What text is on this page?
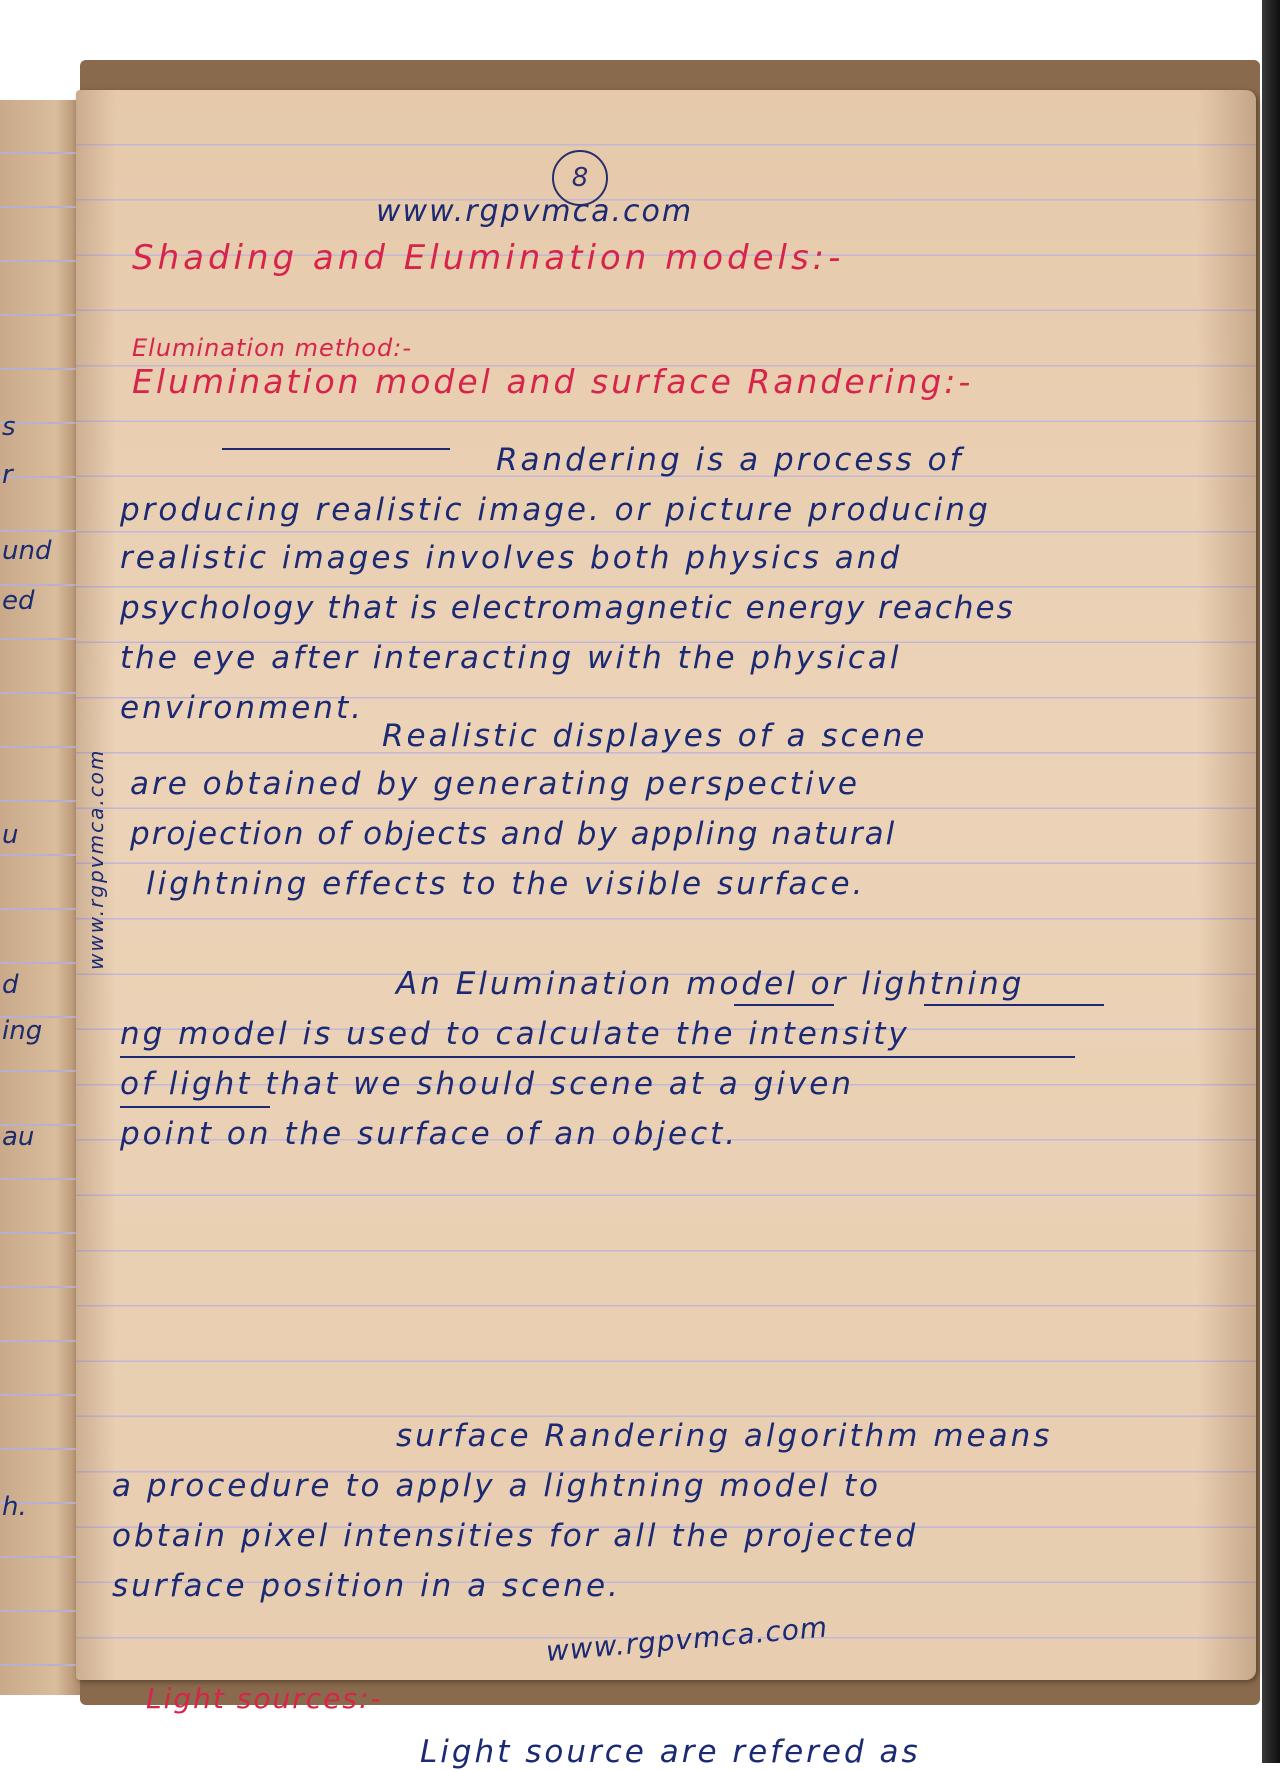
s
r
und
ed
u
d
ing
au
h.
8
www.rgpvmca.com
Shading and Elumination models:-
Elumination method:-
Elumination model and surface Randering:-
Randering is a process of
producing realistic image. or picture producing
realistic images involves both physics and
psychology that is electromagnetic energy reaches
the eye after interacting with the physical
environment.
www.rgpvmca.com
Realistic displayes of a scene
are obtained by generating perspective
projection of objects and by appling natural
lightning effects to the visible surface.
An Elumination model or lightning
ng model is used to calculate the intensity
of light that we should scene at a given
point on the surface of an object.
surface Randering algorithm means
a procedure to apply a lightning model to
obtain pixel intensities for all the projected
surface position in a scene.
www.rgpvmca.com
Light sources:-
Light source are refered as
